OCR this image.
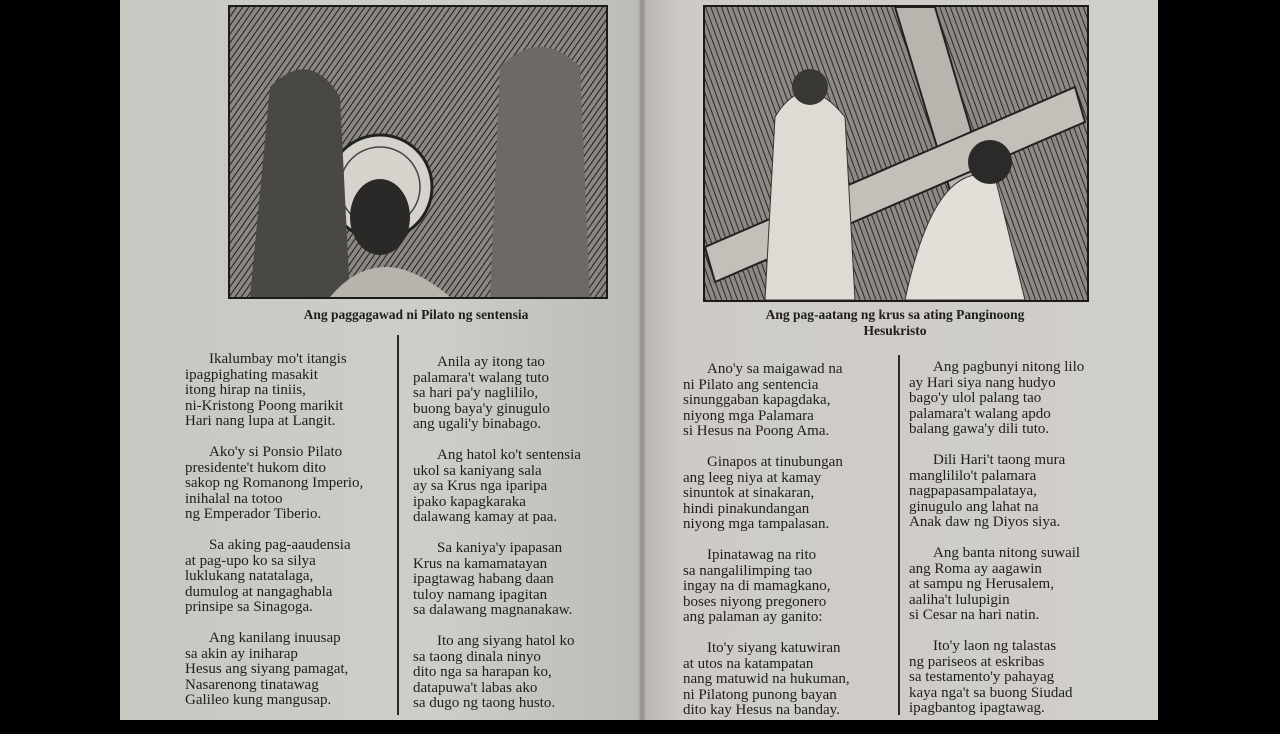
Ang paggagawad ni Pilato ng sentensia	Ang pag-aatang ng krus sa ating Panginoong
Hesukristo
Ikalumbay mo't itangis
ipagpighating masakit
itong hirap na tiniis,
ni-Kristong Poong marikit
Hari nang lupa at Langit.
Ako'y si Ponsio Pilato
presidente't hukom dito
sakop ng Romanong Imperio,
inihalal na totoo
ng Emperador Tiberio.
Sa aking pag-aaudensia
at pag-upo ko sa silya
luklukang natatalaga,
dumulog at nangaghabla
prinsipe sa Sinagoga.
Ang kanilang inuusap
sa akin ay iniharap
Hesus ang siyang pamagat,
Nasarenong tinatawag
Galileo kung mangusap.
Anila ay itong tao
palamara't walang tuto
sa hari pa'y naglililo,
buong baya'y ginugulo
ang ugali'y binabago.
Ang hatol ko't sentensia
ukol sa kaniyang sala
ay sa Krus nga iparipa
ipako kapagkaraka
dalawang kamay at paa.
Sa kaniya'y ipapasan
Krus na kamamatayan
ipagtawag habang daan
tuloy namang ipagitan
sa dalawang magnanakaw.
Ito ang siyang hatol ko
sa taong dinala ninyo
dito nga sa harapan ko,
datapuwa't labas ako
sa dugo ng taong husto.
Ano'y sa maigawad na
ni Pilato ang sentencia
sinunggaban kapagdaka,
niyong mga Palamara
si Hesus na Poong Ama.
Ginapos at tinubungan
ang leeg niya at kamay
sinuntok at sinakaran,
hindi pinakundangan
niyong mga tampalasan.
Ipinatawag na rito
sa nangalilimping tao
ingay na di mamagkano,
boses niyong pregonero
ang palaman ay ganito:
Ito'y siyang katuwiran
at utos na katampatan
nang matuwid na hukuman,
ni Pilatong punong bayan
dito kay Hesus na banday.
Ang pagbunyi nitong lilo
ay Hari siya nang hudyo
bago'y ulol palang tao
palamara't walang apdo
balang gawa'y dili tuto.
Dili Hari't taong mura
manglililo't palamara
nagpapasampalataya,
ginugulo ang lahat na
Anak daw ng Diyos siya.
Ang banta nitong suwail
ang Roma ay aagawin
at sampu ng Herusalem,
aaliha't lulupigin
si Cesar na hari natin.
Ito'y laon ng talastas
ng pariseos at eskribas
sa testamento'y pahayag
kaya nga't sa buong Siudad
ipagbantog ipagtawag.
